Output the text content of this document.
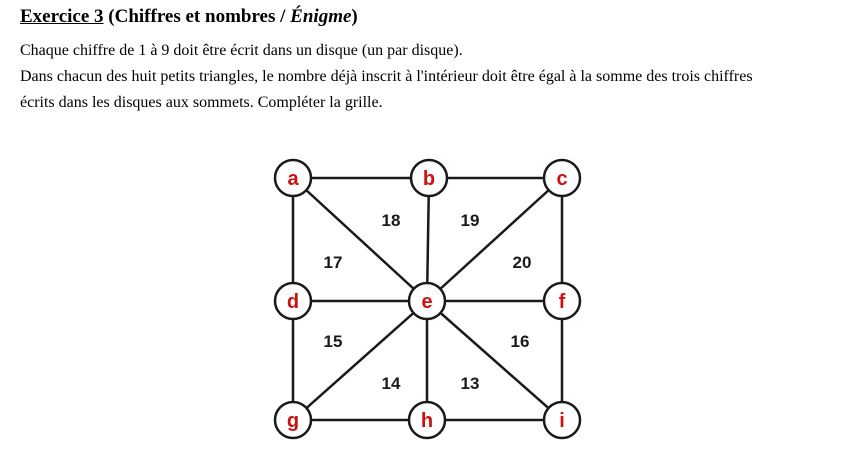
Exercice 3 (Chiffres et nombres / Énigme)

Chaque chiffre de 1 à 9 doit être écrit dans un disque (un par disque).

Dans chacun des huit petits triangles, le nombre déjà inscrit à l'intérieur doit être égal à la somme des trois chiffres

écrits dans les disques aux sommets. Compléter la grille.

18	19
17	20
15	16
14	13
a	b	c
d	e	f
g	h	i
